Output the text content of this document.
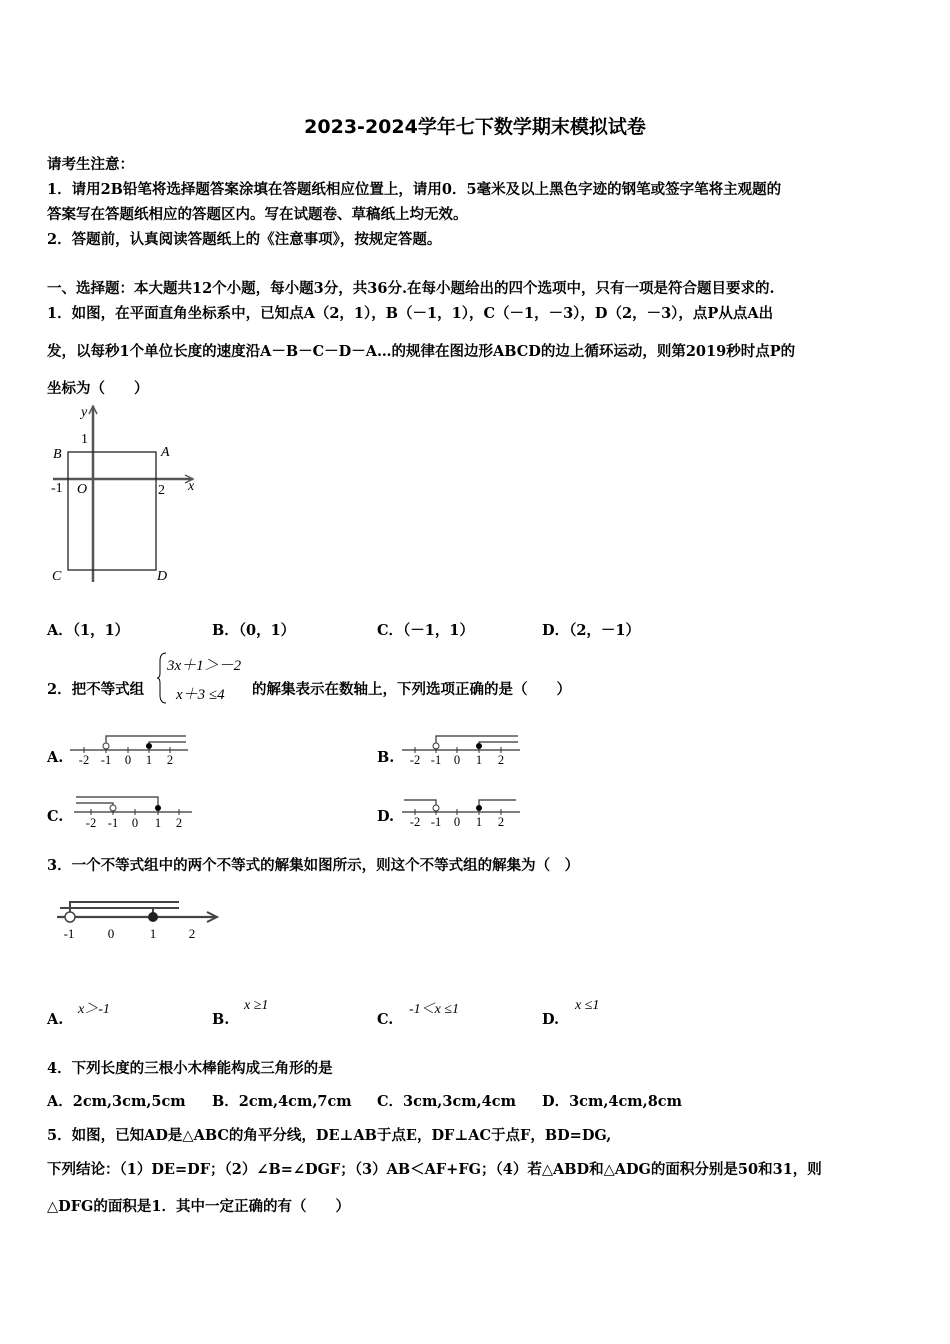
2023-2024学年七下数学期末模拟试卷
请考生注意：
1．请用2B铅笔将选择题答案涂填在答题纸相应位置上，请用0．5毫米及以上黑色字迹的钢笔或签字笔将主观题的
答案写在答题纸相应的答题区内。写在试题卷、草稿纸上均无效。
2．答题前，认真阅读答题纸上的《注意事项》，按规定答题。
一、选择题：本大题共12个小题，每小题3分，共36分.在每小题给出的四个选项中，只有一项是符合题目要求的.
1．如图，在平面直角坐标系中，已知点A（2，1），B（－1，1），C（－1，－3），D（2，－3），点P从点A出
发，以每秒1个单位长度的速度沿A－B－C－D－A…的规律在图边形ABCD的边上循环运动，则第2019秒时点P的
坐标为（　　）
y
1
-1 O	2 x
B	A
C	D
A．（1，1）	B．（0，1）	C．（－1，1）	D．（2，－1）
2．把不等式组
3x＋1＞－2
x＋3 ≤4 的解集表示在数轴上，下列选项正确的是（　　）
A.	B.
C.	D.
-2 -1 0 1 2	-2 -1 0 1 2
-2 -1 0 1 2	-2 -1 0 1 2
3．一个不等式组中的两个不等式的解集如图所示，则这个不等式组的解集为（　）
-1	0	1	2
A.
x＞-1
B.
x ≥1
C.
-1＜x ≤1
D.
x ≤1
4．下列长度的三根小木棒能构成三角形的是
A．2cm,3cm,5cm B．2cm,4cm,7cm C．3cm,3cm,4cm D．3cm,4cm,8cm
5．如图，已知AD是△ABC的角平分线，DE⊥AB于点E，DF⊥AC于点F，BD=DG,
下列结论：（1）DE=DF；（2）∠B=∠DGF；（3）AB＜AF+FG；（4）若△ABD和△ADG的面积分别是50和31，则
△DFG的面积是1．其中一定正确的有（　　）
